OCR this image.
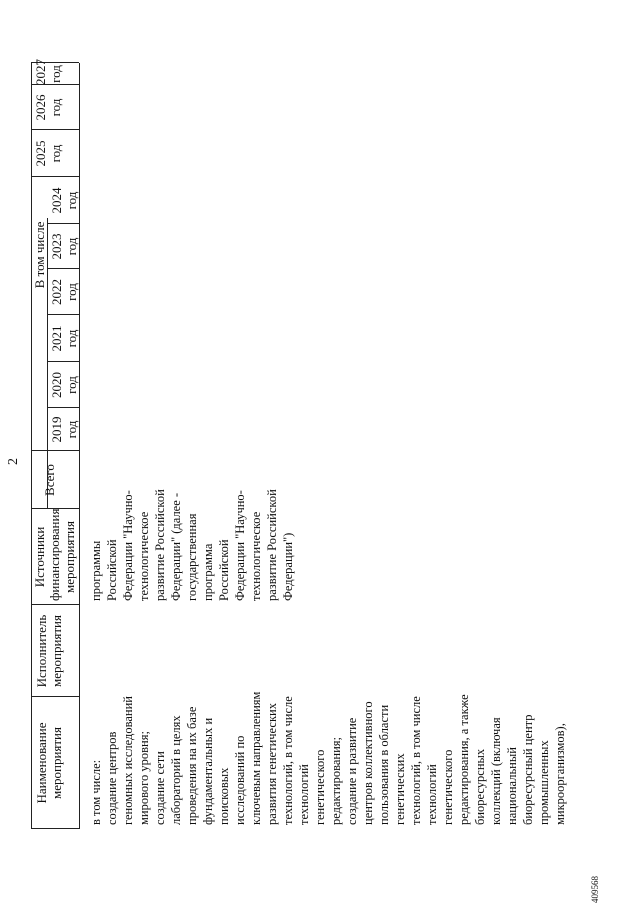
2
409568
Наименование мероприятия
Исполнитель мероприятия
Источники финансирования мероприятия
Всего
В том числе
2019 год
2020 год
2021 год
2022 год
2023 год
2024 год
2025 год
2026 год
2027 год
в том числе: создание центров геномных исследований мирового уровня; создание сети лабораторий в целях проведения на их базе фундаментальных и поисковых исследований по ключевым направлениям развития генетических технологий, в том числе технологий генетического редактирования; создание и развитие центров коллективного пользования в области генетических технологий, в том числе технологий генетического редактирования, а также биоресурсных коллекций (включая национальный биоресурсный центр промышленных микроорганизмов),
программы Российской Федерации "Научно- технологическое развитие Российской Федерации" (далее - государственная программа Российской Федерации "Научно- технологическое развитие Российской Федерации")
